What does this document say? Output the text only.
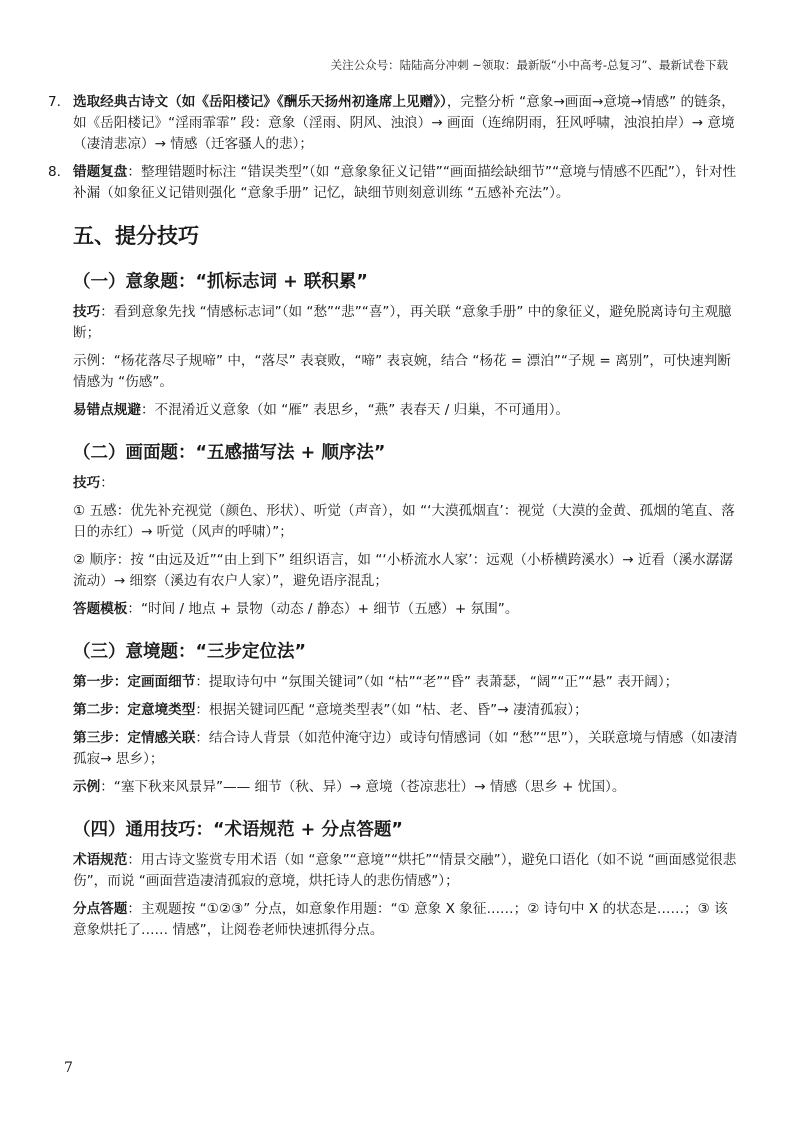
关注公众号：陆陆高分冲刺 ~领取：最新版“小中高考-总复习”、最新试卷下载
7. 选取经典古诗文（如《岳阳楼记》《酬乐天扬州初逢席上见赠》），完整分析 “意象→画面→意境→情感” 的链条，如《岳阳楼记》“淫雨霏霏” 段：意象（淫雨、阴风、浊浪）→ 画面（连绵阴雨，狂风呼啸，浊浪拍岸）→ 意境（凄清悲凉）→ 情感（迁客骚人的悲）；
8. 错题复盘：整理错题时标注 “错误类型”（如 “意象象征义记错”“画面描绘缺细节”“意境与情感不匹配”），针对性补漏（如象征义记错则强化 “意象手册” 记忆，缺细节则刻意训练 “五感补充法”）。
五、提分技巧
（一）意象题：“抓标志词 + 联积累”

技巧：看到意象先找 “情感标志词”（如 “愁”“悲”“喜”），再关联 “意象手册” 中的象征义，避免脱离诗句主观臆断；

示例：“杨花落尽子规啼” 中，“落尽” 表衰败，“啼” 表哀婉，结合 “杨花 = 漂泊”“子规 = 离别”，可快速判断情感为 “伤感”。

易错点规避：不混淆近义意象（如 “雁” 表思乡，“燕” 表春天 / 归巢，不可通用）。

（二）画面题：“五感描写法 + 顺序法”

技巧：

① 五感：优先补充视觉（颜色、形状）、听觉（声音），如 “‘大漠孤烟直’：视觉（大漠的金黄、孤烟的笔直、落日的赤红）→ 听觉（风声的呼啸）”；

② 顺序：按 “由远及近”“由上到下” 组织语言，如 “‘小桥流水人家’：远观（小桥横跨溪水）→ 近看（溪水潺潺流动）→ 细察（溪边有农户人家）”，避免语序混乱；

答题模板：“时间 / 地点 + 景物（动态 / 静态）+ 细节（五感）+ 氛围”。

（三）意境题：“三步定位法”

第一步：定画面细节：提取诗句中 “氛围关键词”（如 “枯”“老”“昏” 表萧瑟，“阔”“正”“悬” 表开阔）；

第二步：定意境类型：根据关键词匹配 “意境类型表”（如 “枯、老、昏”→ 凄清孤寂）；

第三步：定情感关联：结合诗人背景（如范仲淹守边）或诗句情感词（如 “愁”“思”），关联意境与情感（如凄清孤寂→ 思乡）；

示例：“塞下秋来风景异”—— 细节（秋、异）→ 意境（苍凉悲壮）→ 情感（思乡 + 忧国）。

（四）通用技巧：“术语规范 + 分点答题”

术语规范：用古诗文鉴赏专用术语（如 “意象”“意境”“烘托”“情景交融”），避免口语化（如不说 “画面感觉很悲伤”，而说 “画面营造凄清孤寂的意境，烘托诗人的悲伤情感”）；

分点答题：主观题按 “①②③” 分点，如意象作用题：“① 意象 X 象征……；② 诗句中 X 的状态是……；③ 该意象烘托了…… 情感”，让阅卷老师快速抓得分点。

7
